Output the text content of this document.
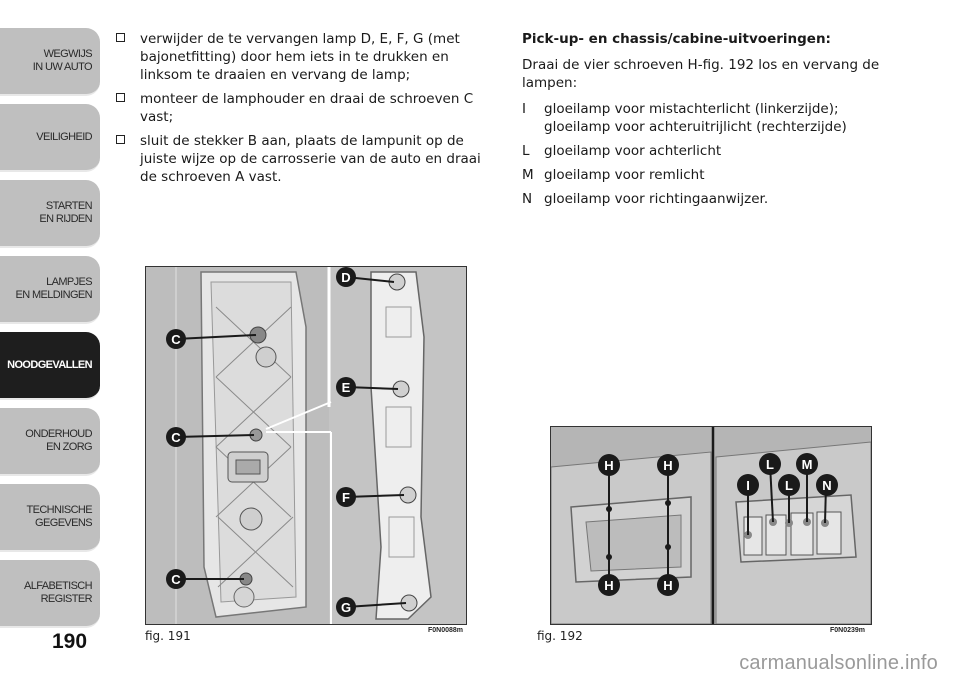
WEGWIJS
IN UW AUTO
VEILIGHEID
STARTEN
EN RIJDEN
LAMPJES
EN MELDINGEN
NOODGEVALLEN
ONDERHOUD
EN ZORG
TECHNISCHE
GEGEVENS
ALFABETISCH
REGISTER
190
verwijder de te vervangen lamp D, E, F, G (met bajonetfitting) door hem iets in te drukken en linksom te draaien en vervang de lamp;
monteer de lamphouder en draai de schroeven C vast;
sluit de stekker B aan, plaats de lampunit op de juiste wijze op de carrosserie van de auto en draai de schroeven A vast.
Pick-up- en chassis/cabine-uitvoeringen:
Draai de vier schroeven H-fig. 192 los en vervang de lampen:
I gloeilamp voor mistachterlicht (linkerzijde); gloeilamp voor achteruitrijlicht (rechterzijde)
L gloeilamp voor achterlicht
M gloeilamp voor remlicht
N gloeilamp voor richtingaanwijzer.
C
C
C
D
E
F
G
fig. 191	F0N0088m
H	H
H	H
I
L
L
M
N
fig. 192	F0N0239m
carmanualsonline.info
